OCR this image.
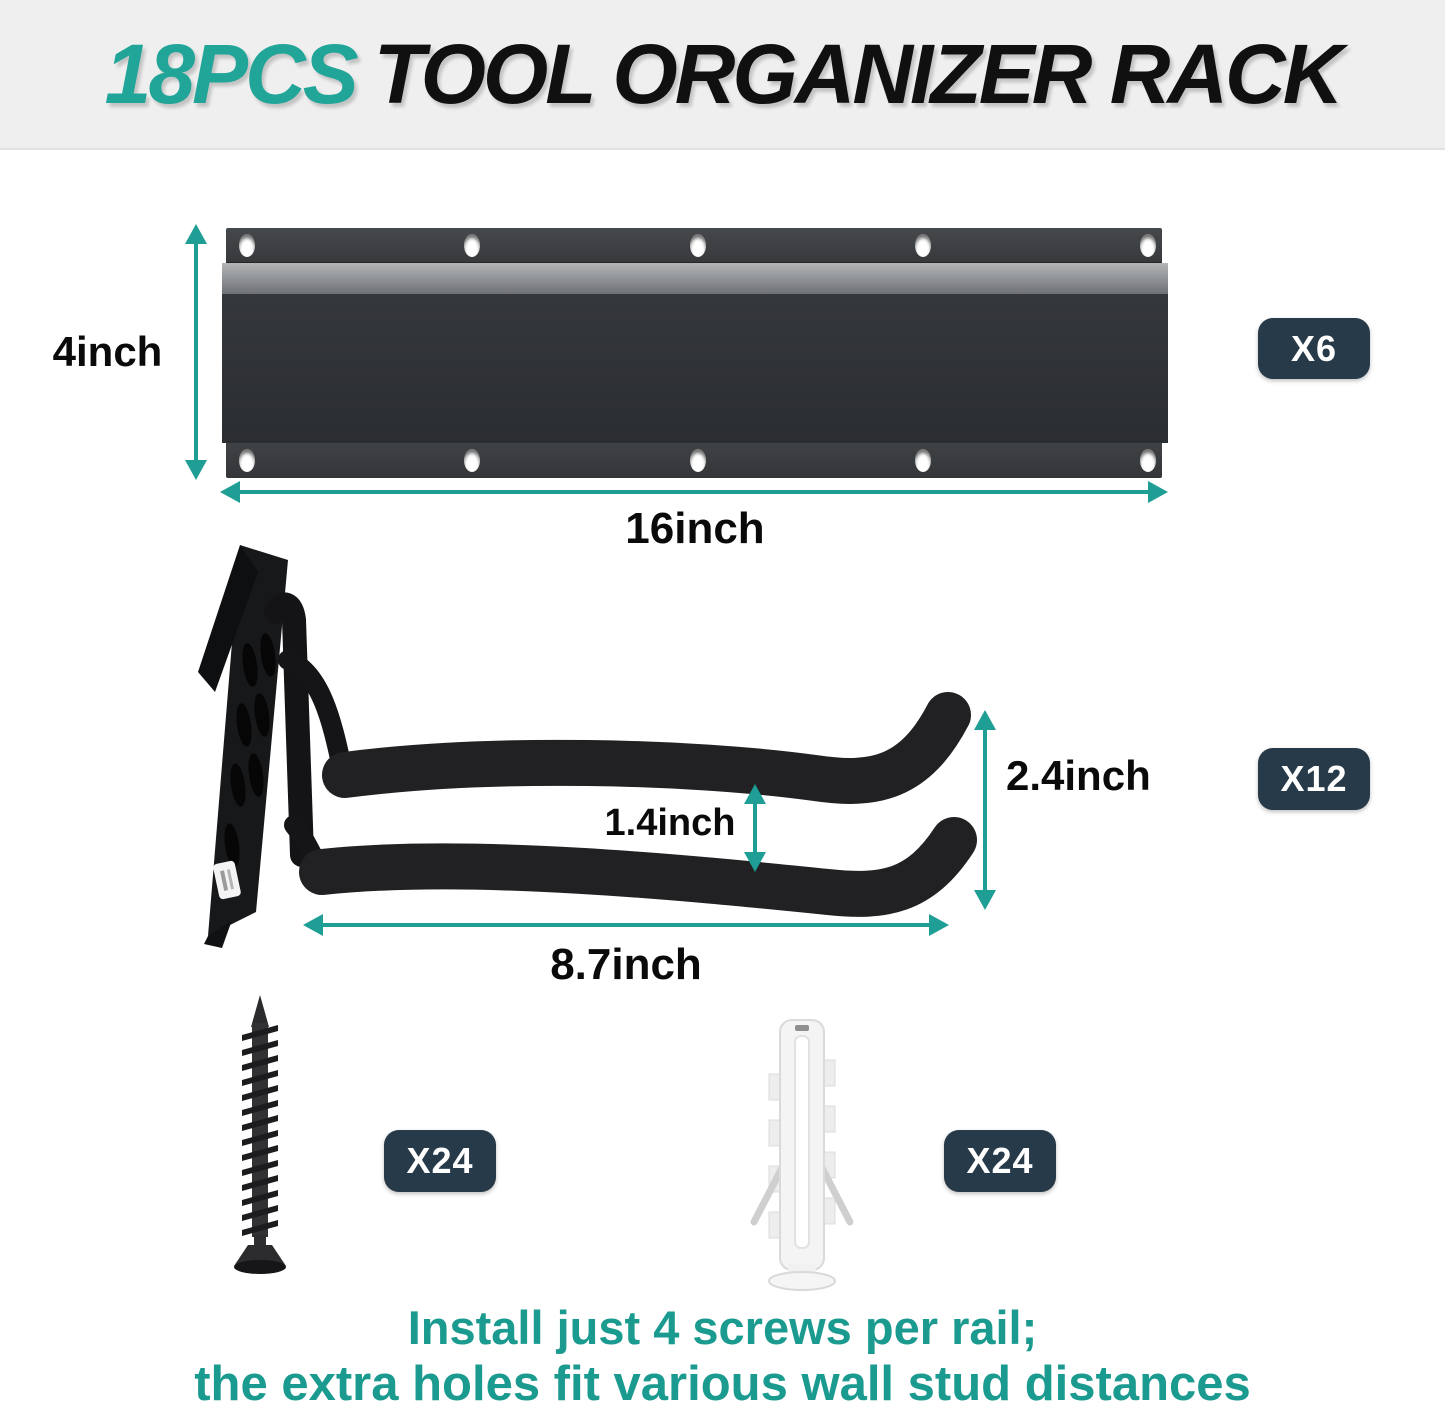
18PCS TOOL ORGANIZER RACK
4inch
16inch
X6
2.4inch
1.4inch
8.7inch
X12
X24	X24
Install just 4 screws per rail;
the extra holes fit various wall stud distances
